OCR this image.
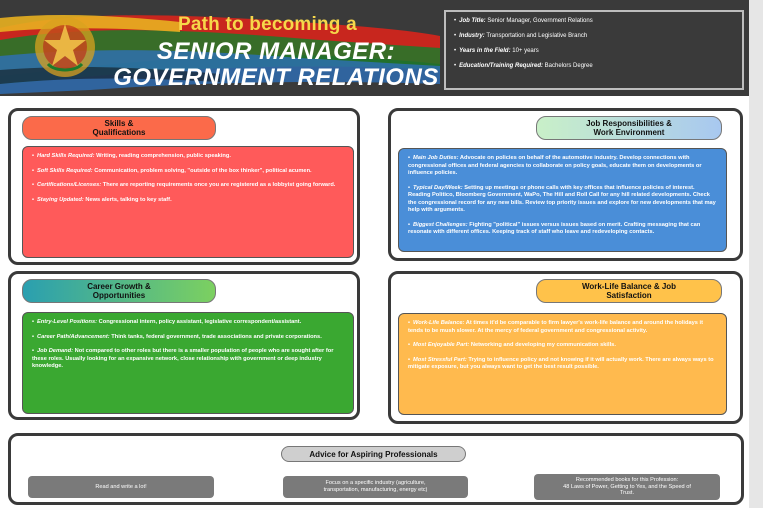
Path to becoming a
SENIOR MANAGER:
GOVERNMENT RELATIONS
• Job Title: Senior Manager, Government Relations
• Industry: Transportation and Legislative Branch
• Years in the Field: 10+ years
• Education/Training Required: Bachelors Degree
Skills &
Qualifications
• Hard Skills Required: Writing, reading comprehension, public speaking.
• Soft Skills Required: Communication, problem solving, "outside of the box thinker", political acumen.
• Certifications/Licenses: There are reporting requirements once you are registered as a lobbyist going forward.
• Staying Updated: News alerts, talking to key staff.
Job Responsibilities &
Work Environment
• Main Job Duties: Advocate on policies on behalf of the automotive industry. Develop connections with congressional offices and federal agencies to collaborate on policy goals, educate them on developments or influence policies.
• Typical Day/Week: Setting up meetings or phone calls with key offices that influence policies of interest. Reading Politico, Bloomberg Government, WaPo, The Hill and Roll Call for any hill related developments. Check the congressional record for any new bills. Review top priority issues and explore for new developments that may help with arguments.
• Biggest Challenges: Fighting "political" issues versus issues based on merit. Crafting messaging that can resonate with different offices. Keeping track of staff who leave and redeveloping contacts.
Career Growth &
Opportunities
• Entry-Level Positions: Congressional intern, policy assistant, legislative correspondent/assistant.
• Career Path/Advancement: Think tanks, federal government, trade associations and private corporations.
• Job Demand: Not compared to other roles but there is a smaller population of people who are sought after for these roles. Usually looking for an expansive network, close relationship with government or deep industry knowledge.
Work-Life Balance & Job
Satisfaction
• Work-Life Balance: At times it'd be comparable to firm lawyer's work-life balance and around the holidays it tends to be mush slower. At the mercy of federal government and congressional activity.
• Most Enjoyable Part: Networking and developing my communication skills.
• Most Stressful Part: Trying to influence policy and not knowing if it will actually work. There are always ways to mitigate exposure, but you always want to get the best result possible.
Advice for Aspiring Professionals
Read and write a lot!
Focus on a specific industry (agriculture,
transportation, manufacturing, energy etc)
Recommended books for this Profession:
48 Laws of Power, Getting to Yes, and the Speed of
Trust.
